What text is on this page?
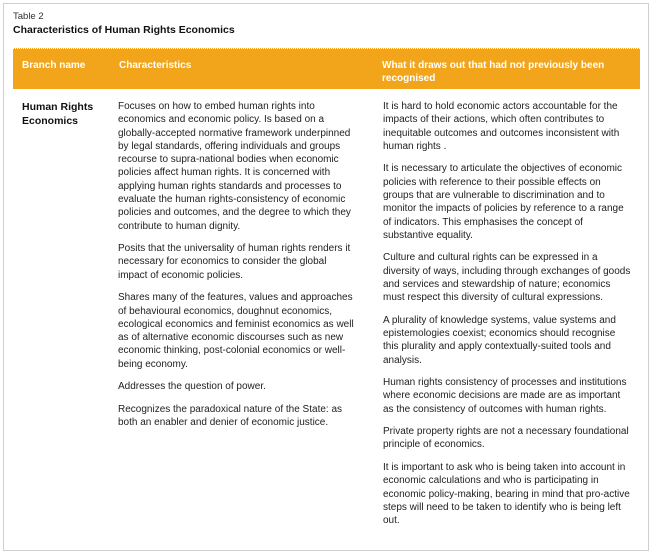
Table 2
Characteristics of Human Rights Economics
Branch name	Characteristics	What it draws out that had not previously been recognised
Human Rights Economics

Focuses on how to embed human rights into economics and economic policy. Is based on a globally-accepted normative framework underpinned by legal standards, offering individuals and groups recourse to supra-national bodies when economic policies affect human rights. It is concerned with applying human rights standards and processes to evaluate the human rights-consistency of economic policies and outcomes, and the degree to which they contribute to human dignity.

Posits that the universality of human rights renders it necessary for economics to consider the global impact of economic policies.

Shares many of the features, values and approaches of behavioural economics, doughnut economics, ecological economics and feminist economics as well as of alternative economic discourses such as new economic thinking, post-colonial economics or well-being economy.

Addresses the question of power.

Recognizes the paradoxical nature of the State: as both an enabler and denier of economic justice.

It is hard to hold economic actors accountable for the impacts of their actions, which often contributes to inequitable outcomes and outcomes inconsistent with human rights .

It is necessary to articulate the objectives of economic policies with reference to their possible effects on groups that are vulnerable to discrimination and to monitor the impacts of policies by reference to a range of indicators. This emphasises the concept of substantive equality.

Culture and cultural rights can be expressed in a diversity of ways, including through exchanges of goods and services and stewardship of nature; economics must respect this diversity of cultural expressions.

A plurality of knowledge systems, value systems and epistemologies coexist; economics should recognise this plurality and apply contextually-suited tools and analysis.

Human rights consistency of processes and institutions where economic decisions are made are as important as the consistency of outcomes with human rights.

Private property rights are not a necessary foundational principle of economics.

It is important to ask who is being taken into account in economic calculations and who is participating in economic policy-making, bearing in mind that pro-active steps will need to be taken to identify who is being left out.
